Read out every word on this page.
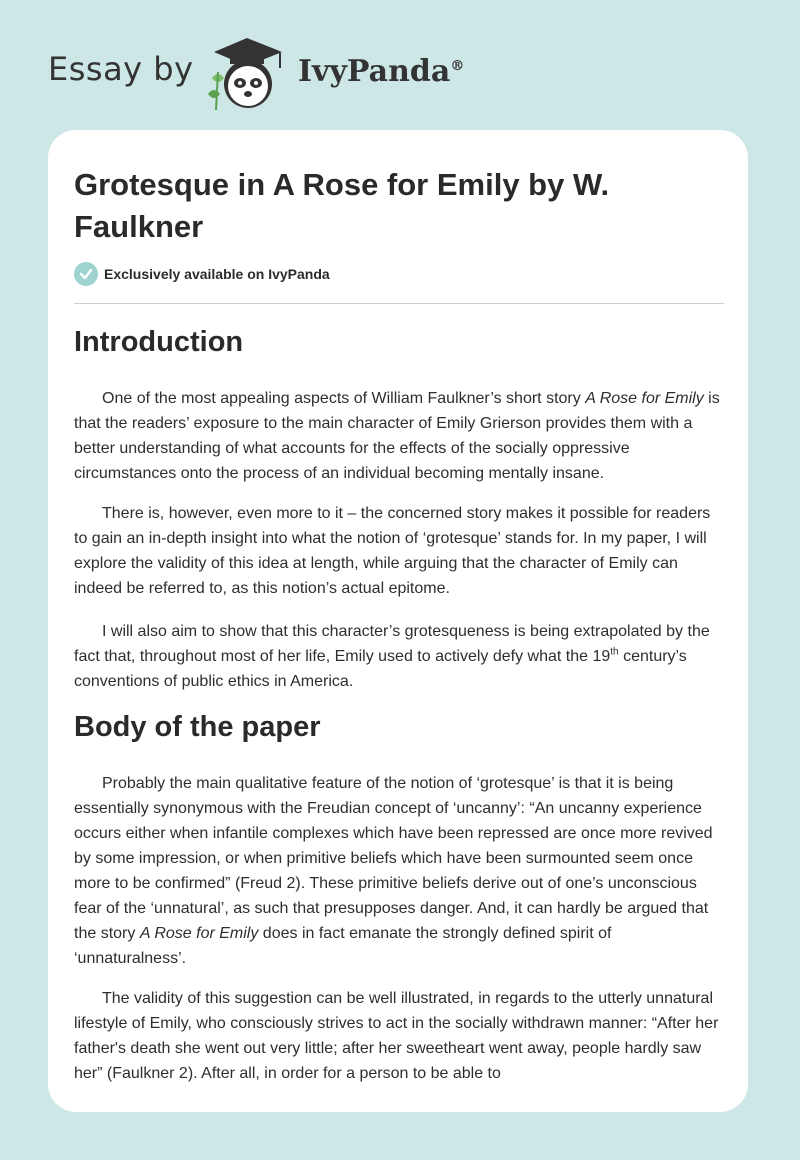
Essay by	IvyPanda®
Grotesque in A Rose for Emily by W. Faulkner
Exclusively available on IvyPanda
Introduction

One of the most appealing aspects of William Faulkner’s short story A Rose for Emily is that the readers’ exposure to the main character of Emily Grierson provides them with a better understanding of what accounts for the effects of the socially oppressive circumstances onto the process of an individual becoming mentally insane.

There is, however, even more to it – the concerned story makes it possible for readers to gain an in-depth insight into what the notion of ‘grotesque’ stands for. In my paper, I will explore the validity of this idea at length, while arguing that the character of Emily can indeed be referred to, as this notion’s actual epitome.

I will also aim to show that this character’s grotesqueness is being extrapolated by the fact that, throughout most of her life, Emily used to actively defy what the 19th century’s conventions of public ethics in America.

Body of the paper

Probably the main qualitative feature of the notion of ‘grotesque’ is that it is being essentially synonymous with the Freudian concept of ‘uncanny’: “An uncanny experience occurs either when infantile complexes which have been repressed are once more revived by some impression, or when primitive beliefs which have been surmounted seem once more to be confirmed” (Freud 2). These primitive beliefs derive out of one’s unconscious fear of the ‘unnatural’, as such that presupposes danger. And, it can hardly be argued that the story A Rose for Emily does in fact emanate the strongly defined spirit of ‘unnaturalness’.

The validity of this suggestion can be well illustrated, in regards to the utterly unnatural lifestyle of Emily, who consciously strives to act in the socially withdrawn manner: “After her father's death she went out very little; after her sweetheart went away, people hardly saw her” (Faulkner 2). After all, in order for a person to be able to
